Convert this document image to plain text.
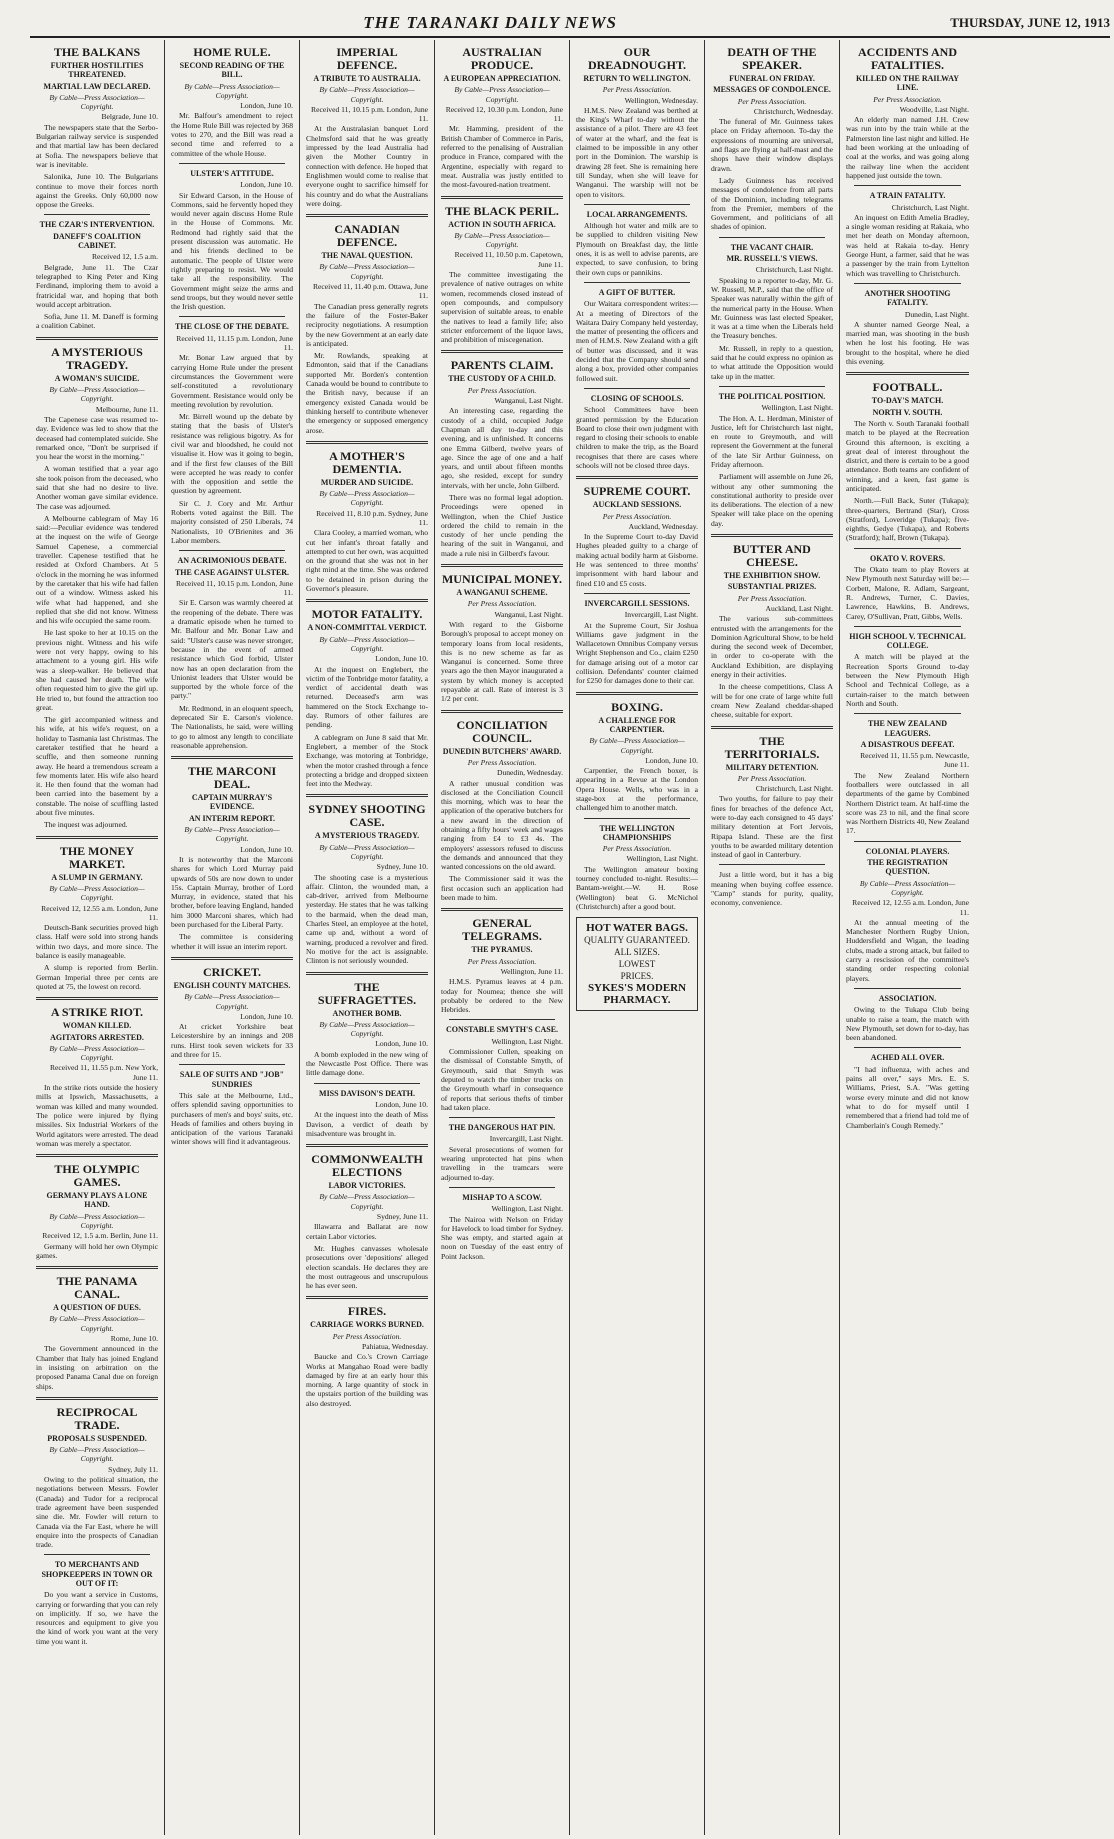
THE TARANAKI DAILY NEWS	THURSDAY, JUNE 12, 1913
THE BALKANS
FURTHER HOSTILITIES THREATENED.
MARTIAL LAW DECLARED.
By Cable—Press Association—Copyright.
Belgrade, June 10.

The newspapers state that the Serbo-Bulgarian railway service is suspended and that martial law has been declared at Sofia. The newspapers believe that war is inevitable.

Salonika, June 10. The Bulgarians continue to move their forces north against the Greeks. Only 60,000 now oppose the Greeks.

THE CZAR'S INTERVENTION.
DANEFF'S COALITION CABINET.
Received 12, 1.5 a.m.

Belgrade, June 11. The Czar telegraphed to King Peter and King Ferdinand, imploring them to avoid a fratricidal war, and hoping that both would accept arbitration.

Sofia, June 11. M. Daneff is forming a coalition Cabinet.

A MYSTERIOUS TRAGEDY.
A WOMAN'S SUICIDE.
By Cable—Press Association—Copyright.
Melbourne, June 11.

The Capenese case was resumed to-day. Evidence was led to show that the deceased had contemplated suicide. She remarked once, "Don't be surprised if you hear the worst in the morning."

A woman testified that a year ago she took poison from the deceased, who said that she had no desire to live. Another woman gave similar evidence. The case was adjourned.

A Melbourne cablegram of May 16 said:—Peculiar evidence was tendered at the inquest on the wife of George Samuel Capenese, a commercial traveller. Capenese testified that he resided at Oxford Chambers. At 5 o'clock in the morning he was informed by the caretaker that his wife had fallen out of a window. Witness asked his wife what had happened, and she replied that she did not know. Witness and his wife occupied the same room.

He last spoke to her at 10.15 on the previous night. Witness and his wife were not very happy, owing to his attachment to a young girl. His wife was a sleep-walker. He believed that she had caused her death. The wife often requested him to give the girl up. He tried to, but found the attraction too great.

The girl accompanied witness and his wife, at his wife's request, on a holiday to Tasmania last Christmas. The caretaker testified that he heard a scuffle, and then someone running away. He heard a tremendous scream a few moments later. His wife also heard it. He then found that the woman had been carried into the basement by a constable. The noise of scuffling lasted about five minutes.

The inquest was adjourned.

THE MONEY MARKET.
A SLUMP IN GERMANY.
By Cable—Press Association—Copyright.
Received 12, 12.55 a.m. London, June 11.

Deutsch-Bank securities proved high class. Half were sold into strong hands within two days, and more since. The balance is easily manageable.

A slump is reported from Berlin. German Imperial three per cents are quoted at 75, the lowest on record.

A STRIKE RIOT.
WOMAN KILLED.
AGITATORS ARRESTED.
By Cable—Press Association—Copyright.
Received 11, 11.55 p.m. New York, June 11.

In the strike riots outside the hosiery mills at Ipswich, Massachusetts, a woman was killed and many wounded. The police were injured by flying missiles. Six Industrial Workers of the World agitators were arrested. The dead woman was merely a spectator.

THE OLYMPIC GAMES.
GERMANY PLAYS A LONE HAND.
By Cable—Press Association—Copyright.
Received 12, 1.5 a.m. Berlin, June 11.

Germany will hold her own Olympic games.

THE PANAMA CANAL.
A QUESTION OF DUES.
By Cable—Press Association—Copyright.
Rome, June 10.

The Government announced in the Chamber that Italy has joined England in insisting on arbitration on the proposed Panama Canal due on foreign ships.

RECIPROCAL TRADE.
PROPOSALS SUSPENDED.
By Cable—Press Association—Copyright.
Sydney, July 11.

Owing to the political situation, the negotiations between Messrs. Fowler (Canada) and Tudor for a reciprocal trade agreement have been suspended sine die. Mr. Fowler will return to Canada via the Far East, where he will enquire into the prospects of Canadian trade.

TO MERCHANTS AND SHOPKEEPERS IN TOWN OR OUT OF IT:

Do you want a service in Customs, carrying or forwarding that you can rely on implicitly. If so, we have the resources and equipment to give you the kind of work you want at the very time you want it.

HOME RULE.
SECOND READING OF THE BILL.
By Cable—Press Association—Copyright.
London, June 10.

Mr. Balfour's amendment to reject the Home Rule Bill was rejected by 368 votes to 270, and the Bill was read a second time and referred to a committee of the whole House.

ULSTER'S ATTITUDE.
London, June 10.

Sir Edward Carson, in the House of Commons, said he fervently hoped they would never again discuss Home Rule in the House of Commons. Mr. Redmond had rightly said that the present discussion was automatic. He and his friends declined to be automatic. The people of Ulster were rightly preparing to resist. We would take all the responsibility. The Government might seize the arms and send troops, but they would never settle the Irish question.

THE CLOSE OF THE DEBATE.
Received 11, 11.15 p.m. London, June 11.

Mr. Bonar Law argued that by carrying Home Rule under the present circumstances the Government were self-constituted a revolutionary Government. Resistance would only be meeting revolution by revolution.

Mr. Birrell wound up the debate by stating that the basis of Ulster's resistance was religious bigotry. As for civil war and bloodshed, he could not visualise it. How was it going to begin, and if the first few clauses of the Bill were accepted he was ready to confer with the opposition and settle the question by agreement.

Sir C. J. Cory and Mr. Arthur Roberts voted against the Bill. The majority consisted of 250 Liberals, 74 Nationalists, 10 O'Brienites and 36 Labor members.

AN ACRIMONIOUS DEBATE.
THE CASE AGAINST ULSTER.
Received 11, 10.15 p.m. London, June 11.

Sir E. Carson was warmly cheered at the reopening of the debate. There was a dramatic episode when he turned to Mr. Balfour and Mr. Bonar Law and said: "Ulster's cause was never stronger, because in the event of armed resistance which God forbid, Ulster now has an open declaration from the Unionist leaders that Ulster would be supported by the whole force of the party."

Mr. Redmond, in an eloquent speech, deprecated Sir E. Carson's violence. The Nationalists, he said, were willing to go to almost any length to conciliate reasonable apprehension.

THE MARCONI DEAL.
CAPTAIN MURRAY'S EVIDENCE.
AN INTERIM REPORT.
By Cable—Press Association—Copyright.
London, June 10.

It is noteworthy that the Marconi shares for which Lord Murray paid upwards of 50s are now down to under 15s. Captain Murray, brother of Lord Murray, in evidence, stated that his brother, before leaving England, handed him 3000 Marconi shares, which had been purchased for the Liberal Party.

The committee is considering whether it will issue an interim report.

CRICKET.
ENGLISH COUNTY MATCHES.
By Cable—Press Association—Copyright.
London, June 10.

At cricket Yorkshire beat Leicestershire by an innings and 208 runs. Hirst took seven wickets for 33 and three for 15.

SALE OF SUITS AND "JOB" SUNDRIES

This sale at the Melbourne, Ltd., offers splendid saving opportunities to purchasers of men's and boys' suits, etc. Heads of families and others buying in anticipation of the various Taranaki winter shows will find it advantageous.

IMPERIAL DEFENCE.
A TRIBUTE TO AUSTRALIA.
By Cable—Press Association—Copyright.
Received 11, 10.15 p.m. London, June 11.

At the Australasian banquet Lord Chelmsford said that he was greatly impressed by the lead Australia had given the Mother Country in connection with defence. He hoped that Englishmen would come to realise that everyone ought to sacrifice himself for his country and do what the Australians were doing.

CANADIAN DEFENCE.
THE NAVAL QUESTION.
By Cable—Press Association—Copyright.
Received 11, 11.40 p.m. Ottawa, June 11.

The Canadian press generally regrets the failure of the Foster-Baker reciprocity negotiations. A resumption by the new Government at an early date is anticipated.

Mr. Rowlands, speaking at Edmonton, said that if the Canadians supported Mr. Borden's contention Canada would be bound to contribute to the British navy, because if an emergency existed Canada would be thinking herself to contribute whenever the emergency or supposed emergency arose.

A MOTHER'S DEMENTIA.
MURDER AND SUICIDE.
By Cable—Press Association—Copyright.
Received 11, 8.10 p.m. Sydney, June 11.

Clara Cooley, a married woman, who cut her infant's throat fatally and attempted to cut her own, was acquitted on the ground that she was not in her right mind at the time. She was ordered to be detained in prison during the Governor's pleasure.

MOTOR FATALITY.
A NON-COMMITTAL VERDICT.
By Cable—Press Association—Copyright.
London, June 10.

At the inquest on Englebert, the victim of the Tonbridge motor fatality, a verdict of accidental death was returned. Deceased's arm was hammered on the Stock Exchange to-day. Rumors of other failures are pending.

A cablegram on June 8 said that Mr. Englebert, a member of the Stock Exchange, was motoring at Tonbridge, when the motor crashed through a fence protecting a bridge and dropped sixteen feet into the Medway.

SYDNEY SHOOTING CASE.
A MYSTERIOUS TRAGEDY.
By Cable—Press Association—Copyright.
Sydney, June 10.

The shooting case is a mysterious affair. Clinton, the wounded man, a cab-driver, arrived from Melbourne yesterday. He states that he was talking to the barmaid, when the dead man, Charles Steel, an employee at the hotel, came up and, without a word of warning, produced a revolver and fired. No motive for the act is assignable. Clinton is not seriously wounded.

THE SUFFRAGETTES.
ANOTHER BOMB.
By Cable—Press Association—Copyright.
London, June 10.

A bomb exploded in the new wing of the Newcastle Post Office. There was little damage done.

MISS DAVISON'S DEATH.
London, June 10.

At the inquest into the death of Miss Davison, a verdict of death by misadventure was brought in.

COMMONWEALTH ELECTIONS
LABOR VICTORIES.
By Cable—Press Association—Copyright.
Sydney, June 11.

Illawarra and Ballarat are now certain Labor victories.

Mr. Hughes canvasses wholesale prosecutions over 'depositions' alleged election scandals. He declares they are the most outrageous and unscrupulous he has ever seen.

FIRES.
CARRIAGE WORKS BURNED.
Per Press Association.
Pahiatua, Wednesday.

Baucke and Co.'s Crown Carriage Works at Mangahao Road were badly damaged by fire at an early hour this morning. A large quantity of stock in the upstairs portion of the building was also destroyed.

AUSTRALIAN PRODUCE.
A EUROPEAN APPRECIATION.
By Cable—Press Association—Copyright.
Received 12, 10.30 p.m. London, June 11.

Mr. Hamming, president of the British Chamber of Commerce in Paris, referred to the penalising of Australian produce in France, compared with the Argentine, especially with regard to meat. Australia was justly entitled to the most-favoured-nation treatment.

THE BLACK PERIL.
ACTION IN SOUTH AFRICA.
By Cable—Press Association—Copyright.
Received 11, 10.50 p.m. Capetown, June 11.

The committee investigating the prevalence of native outrages on white women, recommends closed instead of open compounds, and compulsory supervision of suitable areas, to enable the natives to lead a family life; also stricter enforcement of the liquor laws, and prohibition of miscegenation.

PARENTS CLAIM.
THE CUSTODY OF A CHILD.
Per Press Association.
Wanganui, Last Night.

An interesting case, regarding the custody of a child, occupied Judge Chapman all day to-day and this evening, and is unfinished. It concerns one Emma Gilberd, twelve years of age. Since the age of one and a half years, and until about fifteen months ago, she resided, except for sundry intervals, with her uncle, John Gilberd.

There was no formal legal adoption. Proceedings were opened in Wellington, when the Chief Justice ordered the child to remain in the custody of her uncle pending the hearing of the suit in Wanganui, and made a rule nisi in Gilberd's favour.

MUNICIPAL MONEY.
A WANGANUI SCHEME.
Per Press Association.
Wanganui, Last Night.

With regard to the Gisborne Borough's proposal to accept money on temporary loans from local residents, this is no new scheme as far as Wanganui is concerned. Some three years ago the then Mayor inaugurated a system by which money is accepted repayable at call. Rate of interest is 3 1/2 per cent.

CONCILIATION COUNCIL.
DUNEDIN BUTCHERS' AWARD.
Per Press Association.
Dunedin, Wednesday.

A rather unusual condition was disclosed at the Conciliation Council this morning, which was to hear the application of the operative butchers for a new award in the direction of obtaining a fifty hours' week and wages ranging from £4 to £3 4s. The employers' assessors refused to discuss the demands and announced that they wanted concessions on the old award.

The Commissioner said it was the first occasion such an application had been made to him.

GENERAL TELEGRAMS.
THE PYRAMUS.
Per Press Association.
Wellington, June 11.

H.M.S. Pyramus leaves at 4 p.m. today for Noumea; thence she will probably be ordered to the New Hebrides.

CONSTABLE SMYTH'S CASE.
Wellington, Last Night.

Commissioner Cullen, speaking on the dismissal of Constable Smyth, of Greymouth, said that Smyth was deputed to watch the timber trucks on the Greymouth wharf in consequence of reports that serious thefts of timber had taken place.

THE DANGEROUS HAT PIN.
Invercargill, Last Night.

Several prosecutions of women for wearing unprotected hat pins when travelling in the tramcars were adjourned to-day.

MISHAP TO A SCOW.
Wellington, Last Night.

The Nairoa with Nelson on Friday for Havelock to load timber for Sydney. She was empty, and started again at noon on Tuesday of the east entry of Point Jackson.

OUR DREADNOUGHT.
RETURN TO WELLINGTON.
Per Press Association.
Wellington, Wednesday.

H.M.S. New Zealand was berthed at the King's Wharf to-day without the assistance of a pilot. There are 43 feet of water at the wharf, and the feat is claimed to be impossible in any other port in the Dominion. The warship is drawing 28 feet. She is remaining here till Sunday, when she will leave for Wanganui. The warship will not be open to visitors.

LOCAL ARRANGEMENTS.

Although hot water and milk are to be supplied to children visiting New Plymouth on Breakfast day, the little ones, it is as well to advise parents, are expected, to save confusion, to bring their own cups or pannikins.

A GIFT OF BUTTER.

Our Waitara correspondent writes:—At a meeting of Directors of the Waitara Dairy Company held yesterday, the matter of presenting the officers and men of H.M.S. New Zealand with a gift of butter was discussed, and it was decided that the Company should send along a box, provided other companies followed suit.

CLOSING OF SCHOOLS.

School Committees have been granted permission by the Education Board to close their own judgment with regard to closing their schools to enable children to make the trip, as the Board recognises that there are cases where schools will not be closed three days.

SUPREME COURT.
AUCKLAND SESSIONS.
Per Press Association.
Auckland, Wednesday.

In the Supreme Court to-day David Hughes pleaded guilty to a charge of making actual bodily harm at Gisborne. He was sentenced to three months' imprisonment with hard labour and fined £10 and £5 costs.

INVERCARGILL SESSIONS.
Invercargill, Last Night.

At the Supreme Court, Sir Joshua Williams gave judgment in the Wallacetown Omnibus Company versus Wright Stephenson and Co., claim £250 for damage arising out of a motor car collision. Defendants' counter claimed for £250 for damages done to their car.

BOXING.
A CHALLENGE FOR CARPENTIER.
By Cable—Press Association—Copyright.
London, June 10.

Carpentier, the French boxer, is appearing in a Revue at the London Opera House. Wells, who was in a stage-box at the performance, challenged him to another match.

THE WELLINGTON CHAMPIONSHIPS
Per Press Association.
Wellington, Last Night.

The Wellington amateur boxing tourney concluded to-night. Results:—Bantam-weight.—W. H. Rose (Wellington) beat G. McNichol (Christchurch) after a good bout.

HOT WATER BAGS.
QUALITY GUARANTEED.
ALL SIZES.
LOWEST
PRICES.
SYKES'S MODERN PHARMACY.
DEATH OF THE SPEAKER.
FUNERAL ON FRIDAY.
MESSAGES OF CONDOLENCE.
Per Press Association.
Christchurch, Wednesday.

The funeral of Mr. Guinness takes place on Friday afternoon. To-day the expressions of mourning are universal, and flags are flying at half-mast and the shops have their window displays drawn.

Lady Guinness has received messages of condolence from all parts of the Dominion, including telegrams from the Premier, members of the Government, and politicians of all shades of opinion.

THE VACANT CHAIR.
MR. RUSSELL'S VIEWS.
Christchurch, Last Night.

Speaking to a reporter to-day, Mr. G. W. Russell, M.P., said that the office of Speaker was naturally within the gift of the numerical party in the House. When Mr. Guinness was last elected Speaker, it was at a time when the Liberals held the Treasury benches.

Mr. Russell, in reply to a question, said that he could express no opinion as to what attitude the Opposition would take up in the matter.

THE POLITICAL POSITION.
Wellington, Last Night.

The Hon. A. L. Herdman, Minister of Justice, left for Christchurch last night, en route to Greymouth, and will represent the Government at the funeral of the late Sir Arthur Guinness, on Friday afternoon.

Parliament will assemble on June 26, without any other summoning the constitutional authority to preside over its deliberations. The election of a new Speaker will take place on the opening day.

BUTTER AND CHEESE.
THE EXHIBITION SHOW.
SUBSTANTIAL PRIZES.
Per Press Association.
Auckland, Last Night.

The various sub-committees entrusted with the arrangements for the Dominion Agricultural Show, to be held during the second week of December, in order to co-operate with the Auckland Exhibition, are displaying energy in their activities.

In the cheese competitions, Class A will be for one crate of large white full cream New Zealand cheddar-shaped cheese, suitable for export.

THE TERRITORIALS.
MILITARY DETENTION.
Per Press Association.
Christchurch, Last Night.

Two youths, for failure to pay their fines for breaches of the defence Act, were to-day each consigned to 45 days' military detention at Fort Jervois, Ripapa Island. These are the first youths to be awarded military detention instead of gaol in Canterbury.

Just a little word, but it has a big meaning when buying coffee essence. "Camp" stands for purity, quality, economy, convenience.

ACCIDENTS AND FATALITIES.
KILLED ON THE RAILWAY LINE.
Per Press Association.
Woodville, Last Night.

An elderly man named J.H. Crew was run into by the train while at the Palmerston line last night and killed. He had been working at the unloading of coal at the works, and was going along the railway line when the accident happened just outside the town.

A TRAIN FATALITY.
Christchurch, Last Night.

An inquest on Edith Amelia Bradley, a single woman residing at Rakaia, who met her death on Monday afternoon, was held at Rakaia to-day. Henry George Hunt, a farmer, said that he was a passenger by the train from Lyttelton which was travelling to Christchurch.

ANOTHER SHOOTING FATALITY.
Dunedin, Last Night.

A shunter named George Neal, a married man, was shooting in the bush when he lost his footing. He was brought to the hospital, where he died this evening.

FOOTBALL.
TO-DAY'S MATCH.
NORTH V. SOUTH.

The North v. South Taranaki football match to be played at the Recreation Ground this afternoon, is exciting a great deal of interest throughout the district, and there is certain to be a good attendance. Both teams are confident of winning, and a keen, fast game is anticipated.

North.—Full Back, Suter (Tukapa); three-quarters, Bertrand (Star), Cross (Stratford), Loveridge (Tukapa); five-eighths, Gedye (Tukapa), and Roberts (Stratford); half, Brown (Tukapa).

OKATO V. ROVERS.

The Okato team to play Rovers at New Plymouth next Saturday will be:—Corbett, Malone, R. Adlam, Sargeant, R. Andrews, Turner, C. Davies, Lawrence, Hawkins, B. Andrews, Carey, O'Sullivan, Pratt, Gibbs, Wells.

HIGH SCHOOL V. TECHNICAL COLLEGE.

A match will be played at the Recreation Sports Ground to-day between the New Plymouth High School and Technical College, as a curtain-raiser to the match between North and South.

THE NEW ZEALAND LEAGUERS.
A DISASTROUS DEFEAT.
Received 11, 11.55 p.m. Newcastle, June 11.

The New Zealand Northern footballers were outclassed in all departments of the game by Combined Northern District team. At half-time the score was 23 to nil, and the final score was Northern Districts 40, New Zealand 17.

COLONIAL PLAYERS.
THE REGISTRATION QUESTION.
By Cable—Press Association—Copyright.
Received 12, 12.55 a.m. London, June 11.

At the annual meeting of the Manchester Northern Rugby Union, Huddersfield and Wigan, the leading clubs, made a strong attack, but failed to carry a rescission of the committee's standing order respecting colonial players.

ASSOCIATION.

Owing to the Tukapa Club being unable to raise a team, the match with New Plymouth, set down for to-day, has been abandoned.

ACHED ALL OVER.

"I had influenza, with aches and pains all over," says Mrs. E. S. Williams, Priest, S.A. "Was getting worse every minute and did not know what to do for myself until I remembered that a friend had told me of Chamberlain's Cough Remedy."
